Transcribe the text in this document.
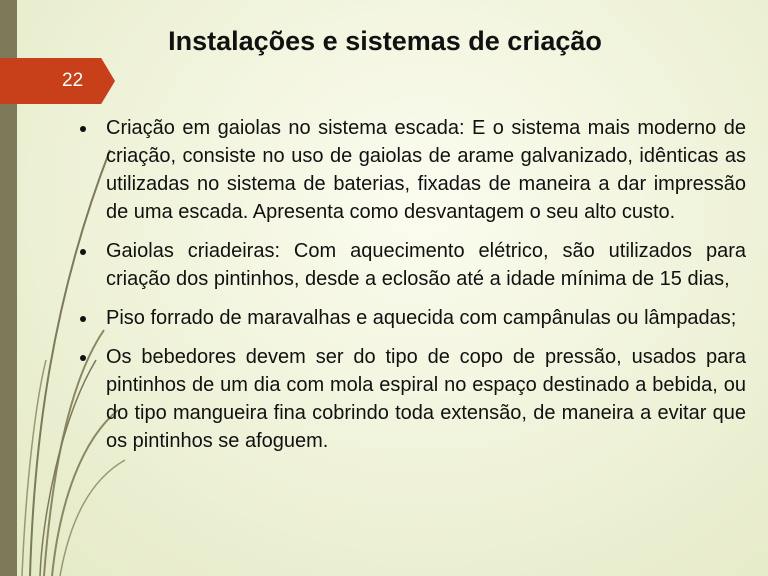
22
Instalações e sistemas de criação
Criação em gaiolas no sistema escada: E o sistema mais moderno de criação, consiste no uso de gaiolas de arame galvanizado, idênticas as utilizadas no sistema de baterias, fixadas de maneira a dar impressão de uma escada. Apresenta como desvantagem o seu alto custo.
Gaiolas criadeiras: Com aquecimento elétrico, são utilizados para criação dos pintinhos, desde a eclosão até a idade mínima de 15 dias,
Piso forrado de maravalhas e aquecida com campânulas ou lâmpadas;
Os bebedores devem ser do tipo de copo de pressão, usados para pintinhos de um dia com mola espiral no espaço destinado a bebida, ou do tipo mangueira fina cobrindo toda extensão, de maneira a evitar que os pintinhos se afoguem.
